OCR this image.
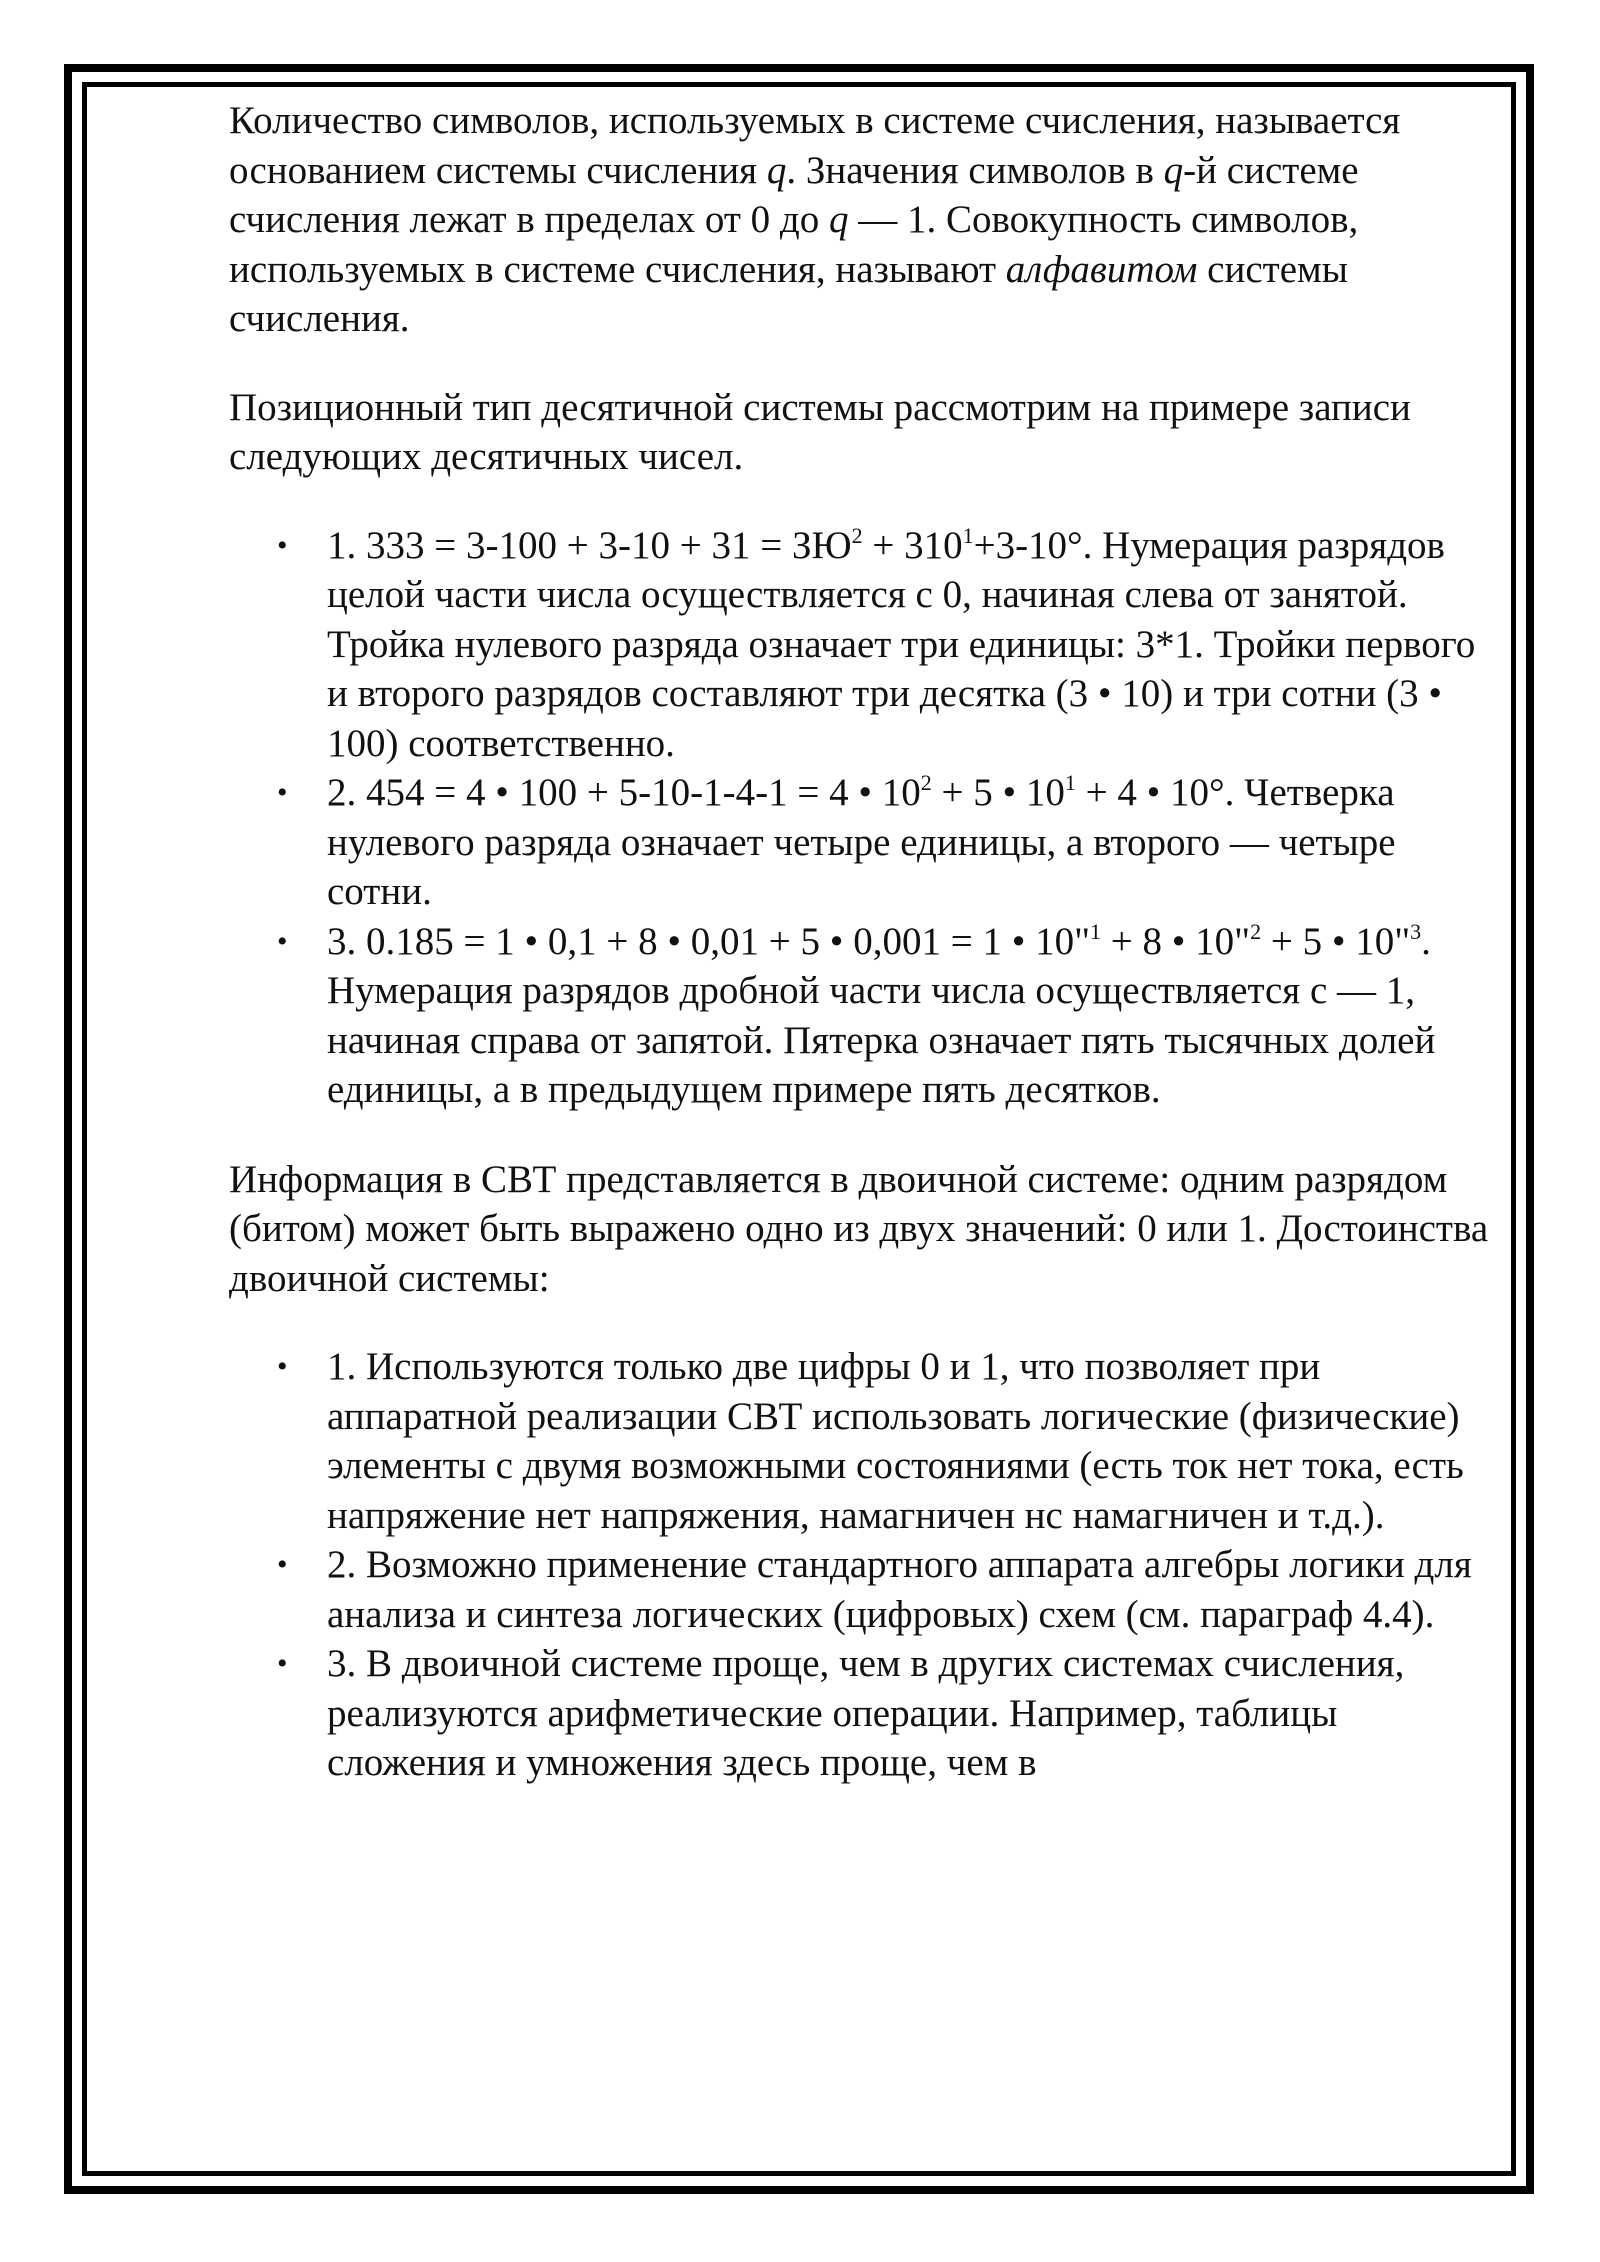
Количество символов, используемых в системе счисления, называется основанием системы счисления q. Значения символов в q-й системе счисления лежат в пределах от 0 до q — 1. Совокупность символов, используемых в системе счисления, называют алфавитом системы счисления.

Позиционный тип десятичной системы рассмотрим на примере записи следующих десятичных чисел.

• 1. $333 = 3-100 + 3-10 + 31 = ЗЮ^2 + 310^1+3-10^\circ$. Нумерация разрядов целой части числа осуществляется с 0, начиная слева от занятой. Тройка нулевого разряда означает три единицы: 3*1. Тройки первого и второго разрядов составляют три десятка (3 • 10) и три сотни (3 • 100) соответственно.
• 2. 454 = 4 • 100 + 5-10-1-4-1 = 4 • $10^2 + 5$ • $10^1 + 4$ • 10°. Четверка нулевого разряда означает четыре единицы, а второго — четыре сотни.
• 3. 0.185 = 1 • 0,1 + 8 • 0,01 + 5 • 0,001 = 1 • 10"$^1$ + 8 • 10"$^2$ + 5 • 10"$^3$. Нумерация разрядов дробной части числа осуществляется с — 1, начиная справа от запятой. Пятерка означает пять тысячных долей единицы, а в предыдущем примере пять десятков.

Информация в СВТ представляется в двоичной системе: одним разрядом (битом) может быть выражено одно из двух значений: 0 или 1. Достоинства двоичной системы:

• 1. Используются только две цифры 0 и 1, что позволяет при аппаратной реализации СВТ использовать логические (физические) элементы с двумя возможными состояниями (есть ток нет тока, есть напряжение нет напряжения, намагничен нс намагничен и т.д.).
• 2. Возможно применение стандартного аппарата алгебры логики для анализа и синтеза логических (цифровых) схем (см. параграф 4.4).
• 3. В двоичной системе проще, чем в других системах счисления, реализуются арифметические операции. Например, таблицы сложения и умножения здесь проще, чем в
